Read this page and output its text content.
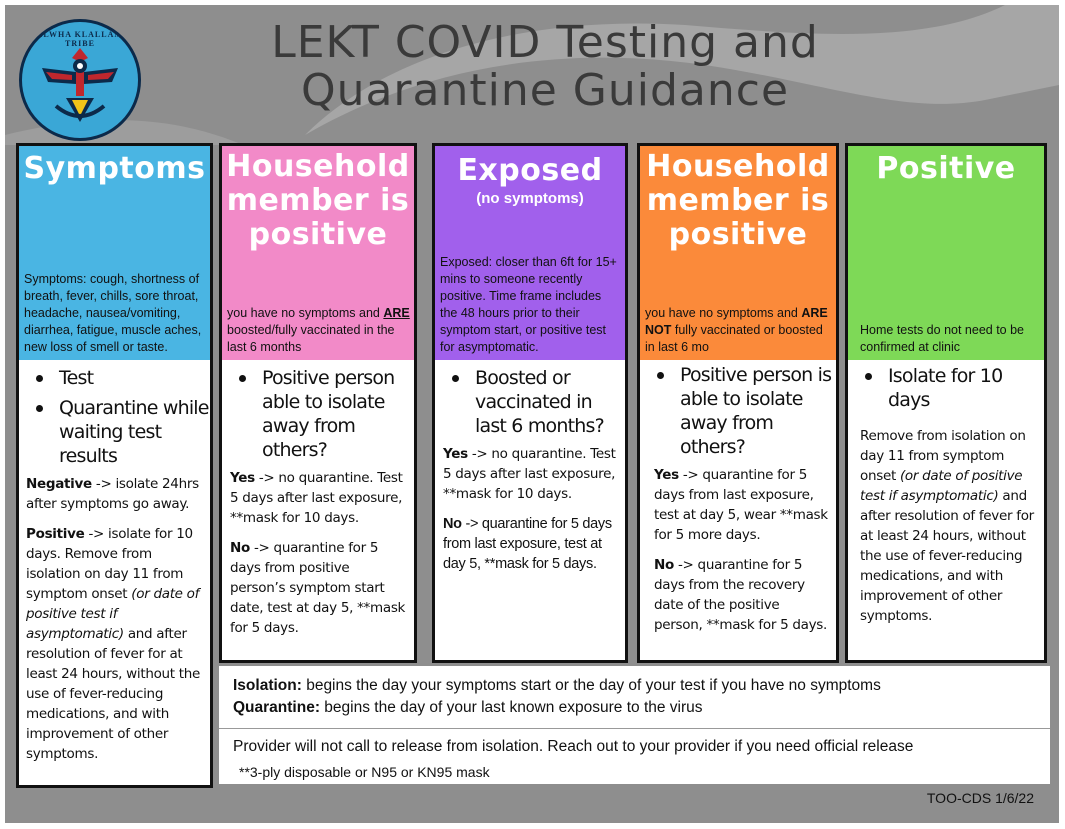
ELWHA KLALLAM TRIBE	LEKT COVID Testing and
Quarantine Guidance
Symptoms
Symptoms: cough, shortness of breath, fever, chills, sore throat, headache, nausea/vomiting, diarrhea, fatigue, muscle aches, new loss of smell or taste.
Test
Quarantine while waiting test results

Negative -> isolate 24hrs after symptoms go away.

Positive -> isolate for 10 days. Remove from isolation on day 11 from symptom onset (or date of positive test if asymptomatic) and after resolution of fever for at least 24 hours, without the use of fever-reducing medications, and with improvement of other symptoms.

Household member is positive
you have no symptoms and ARE boosted/fully vaccinated in the last 6 months
Positive person able to isolate away from others?

Yes -> no quarantine. Test 5 days after last exposure, **mask for 10 days.

No -> quarantine for 5 days from positive person’s symptom start date, test at day 5, **mask for 5 days.

Exposed
(no symptoms)
Exposed: closer than 6ft for 15+ mins to someone recently positive. Time frame includes the 48 hours prior to their symptom start, or positive test for asymptomatic.
Boosted or vaccinated in last 6 months?

Yes -> no quarantine. Test 5 days after last exposure, **mask for 10 days.

No -> quarantine for 5 days from last exposure, test at day 5, **mask for 5 days.

Household member is positive
you have no symptoms and ARE NOT fully vaccinated or boosted in last 6 mo
Positive person is able to isolate away from others?

Yes -> quarantine for 5 days from last exposure, test at day 5, wear **mask for 5 more days.

No -> quarantine for 5 days from the recovery date of the positive person, **mask for 5 days.

Positive
Home tests do not need to be confirmed at clinic
Isolate for 10 days

Remove from isolation on day 11 from symptom onset (or date of positive test if asymptomatic) and after resolution of fever for at least 24 hours, without the use of fever-reducing medications, and with improvement of other symptoms.

Isolation: begins the day your symptoms start or the day of your test if you have no symptoms
Quarantine: begins the day of your last known exposure to the virus
Provider will not call to release from isolation. Reach out to your provider if you need official release
**3-ply disposable or N95 or KN95 mask
TOO-CDS 1/6/22
